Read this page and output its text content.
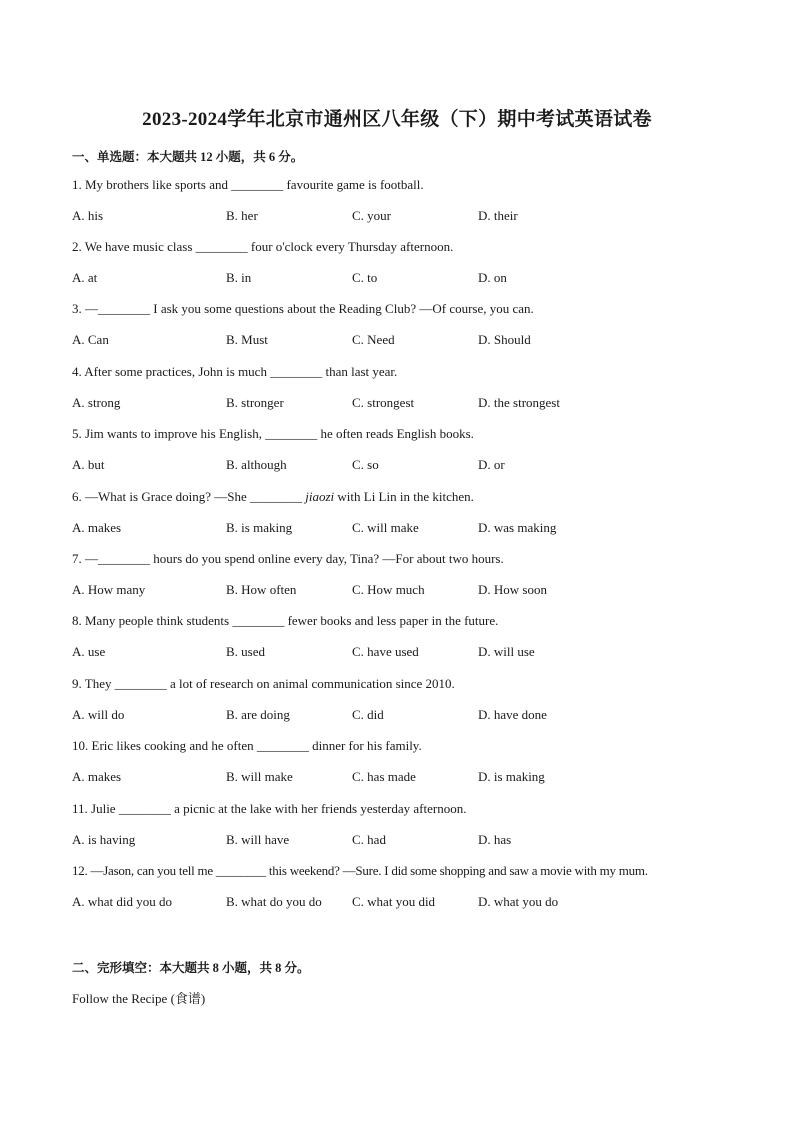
2023-2024学年北京市通州区八年级（下）期中考试英语试卷
一、单选题：本大题共 12 小题，共 6 分。
1. My brothers like sports and ________ favourite game is football.
A. his	B. her	C. your	D. their
2. We have music class ________ four o'clock every Thursday afternoon.
A. at	B. in	C. to	D. on
3. —________ I ask you some questions about the Reading Club? —Of course, you can.
A. Can	B. Must	C. Need	D. Should
4. After some practices, John is much ________ than last year.
A. strong	B. stronger	C. strongest	D. the strongest
5. Jim wants to improve his English, ________ he often reads English books.
A. but	B. although	C. so	D. or
6. —What is Grace doing? —She ________ jiaozi with Li Lin in the kitchen.
A. makes	B. is making	C. will make	D. was making
7. —________ hours do you spend online every day, Tina? —For about two hours.
A. How many	B. How often	C. How much	D. How soon
8. Many people think students ________ fewer books and less paper in the future.
A. use	B. used	C. have used	D. will use
9. They ________ a lot of research on animal communication since 2010.
A. will do	B. are doing	C. did	D. have done
10. Eric likes cooking and he often ________ dinner for his family.
A. makes	B. will make	C. has made	D. is making
11. Julie ________ a picnic at the lake with her friends yesterday afternoon.
A. is having	B. will have	C. had	D. has
12. —Jason, can you tell me ________ this weekend? —Sure. I did some shopping and saw a movie with my mum.
A. what did you do	B. what do you do C. what you did	D. what you do
二、完形填空：本大题共 8 小题，共 8 分。
Follow the Recipe (食谱)
